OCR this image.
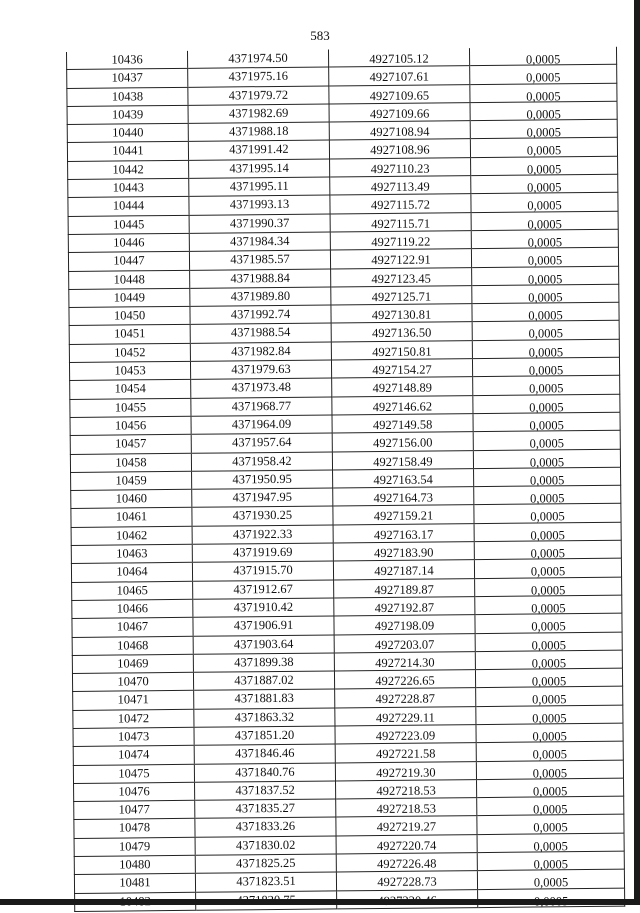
583
10436	4371974.50	4927105.12	0,0005
10437	4371975.16	4927107.61	0,0005
10438	4371979.72	4927109.65	0,0005
10439	4371982.69	4927109.66	0,0005
10440	4371988.18	4927108.94	0,0005
10441	4371991.42	4927108.96	0,0005
10442	4371995.14	4927110.23	0,0005
10443	4371995.11	4927113.49	0,0005
10444	4371993.13	4927115.72	0,0005
10445	4371990.37	4927115.71	0,0005
10446	4371984.34	4927119.22	0,0005
10447	4371985.57	4927122.91	0,0005
10448	4371988.84	4927123.45	0,0005
10449	4371989.80	4927125.71	0,0005
10450	4371992.74	4927130.81	0,0005
10451	4371988.54	4927136.50	0,0005
10452	4371982.84	4927150.81	0,0005
10453	4371979.63	4927154.27	0,0005
10454	4371973.48	4927148.89	0,0005
10455	4371968.77	4927146.62	0,0005
10456	4371964.09	4927149.58	0,0005
10457	4371957.64	4927156.00	0,0005
10458	4371958.42	4927158.49	0,0005
10459	4371950.95	4927163.54	0,0005
10460	4371947.95	4927164.73	0,0005
10461	4371930.25	4927159.21	0,0005
10462	4371922.33	4927163.17	0,0005
10463	4371919.69	4927183.90	0,0005
10464	4371915.70	4927187.14	0,0005
10465	4371912.67	4927189.87	0,0005
10466	4371910.42	4927192.87	0,0005
10467	4371906.91	4927198.09	0,0005
10468	4371903.64	4927203.07	0,0005
10469	4371899.38	4927214.30	0,0005
10470	4371887.02	4927226.65	0,0005
10471	4371881.83	4927228.87	0,0005
10472	4371863.32	4927229.11	0,0005
10473	4371851.20	4927223.09	0,0005
10474	4371846.46	4927221.58	0,0005
10475	4371840.76	4927219.30	0,0005
10476	4371837.52	4927218.53	0,0005
10477	4371835.27	4927218.53	0,0005
10478	4371833.26	4927219.27	0,0005
10479	4371830.02	4927220.74	0,0005
10480	4371825.25	4927226.48	0,0005
10481	4371823.51	4927228.73	0,0005
